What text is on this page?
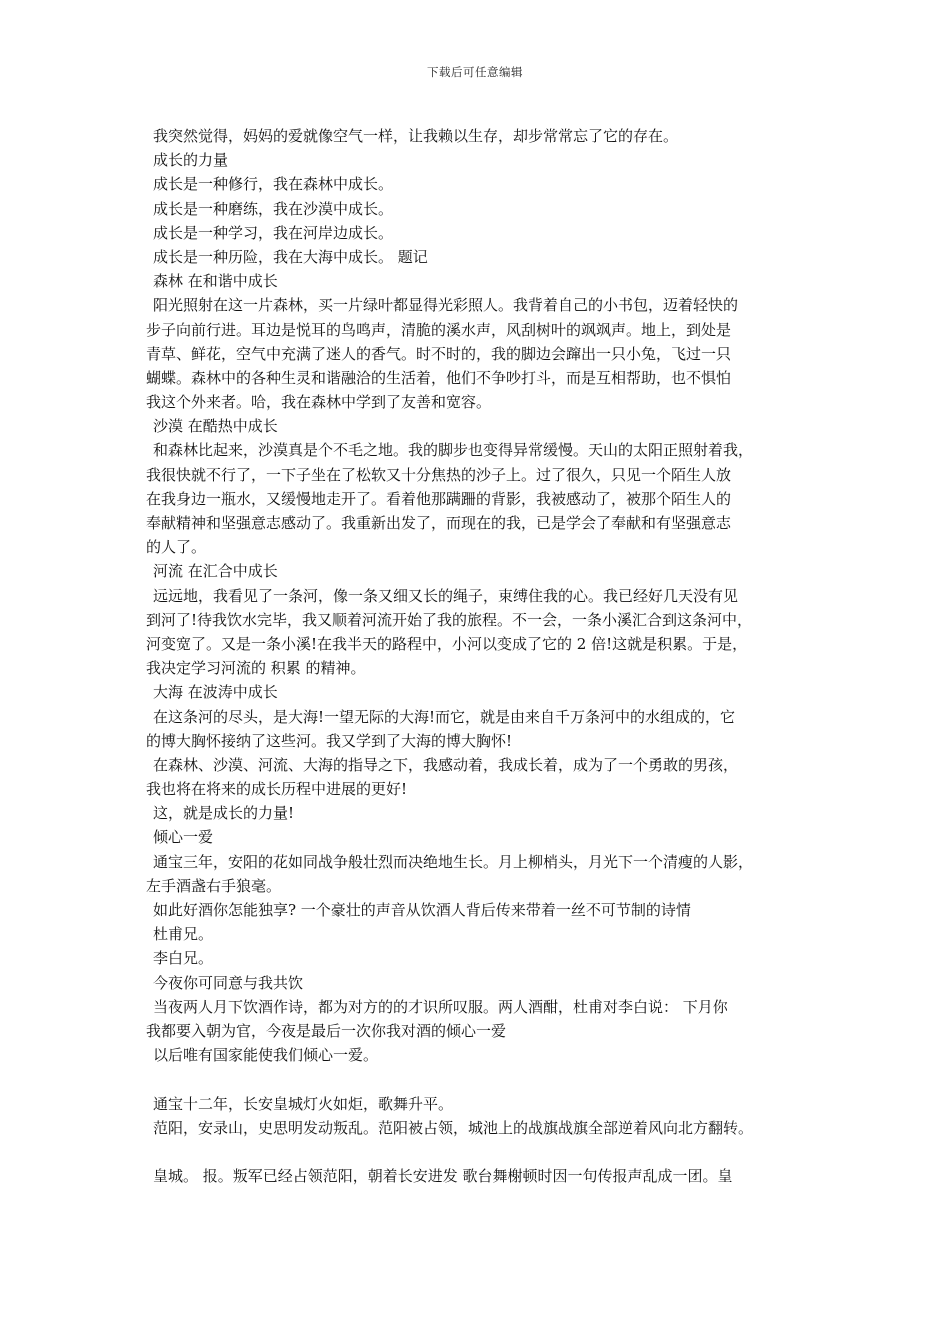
下载后可任意编辑
我突然觉得，妈妈的爱就像空气一样，让我赖以生存，却步常常忘了它的存在。
成长的力量
成长是一种修行，我在森林中成长。
成长是一种磨练，我在沙漠中成长。
成长是一种学习，我在河岸边成长。
成长是一种历险，我在大海中成长。 题记
森林 在和谐中成长
阳光照射在这一片森林，买一片绿叶都显得光彩照人。我背着自己的小书包，迈着轻快的
步子向前行进。耳边是悦耳的鸟鸣声，清脆的溪水声，风刮树叶的飒飒声。地上，到处是
青草、鲜花，空气中充满了迷人的香气。时不时的，我的脚边会蹿出一只小兔，飞过一只
蝴蝶。森林中的各种生灵和谐融洽的生活着，他们不争吵打斗，而是互相帮助，也不惧怕
我这个外来者。哈，我在森林中学到了友善和宽容。
沙漠 在酷热中成长
和森林比起来，沙漠真是个不毛之地。我的脚步也变得异常缓慢。天山的太阳正照射着我，
我很快就不行了，一下子坐在了松软又十分焦热的沙子上。过了很久，只见一个陌生人放
在我身边一瓶水，又缓慢地走开了。看着他那蹒跚的背影，我被感动了，被那个陌生人的
奉献精神和坚强意志感动了。我重新出发了，而现在的我，已是学会了奉献和有坚强意志
的人了。
河流 在汇合中成长
远远地，我看见了一条河，像一条又细又长的绳子，束缚住我的心。我已经好几天没有见
到河了!待我饮水完毕，我又顺着河流开始了我的旅程。不一会，一条小溪汇合到这条河中，
河变宽了。又是一条小溪!在我半天的路程中，小河以变成了它的 2 倍!这就是积累。于是，
我决定学习河流的 积累 的精神。
大海 在波涛中成长
在这条河的尽头，是大海!一望无际的大海!而它，就是由来自千万条河中的水组成的，它
的博大胸怀接纳了这些河。我又学到了大海的博大胸怀!
在森林、沙漠、河流、大海的指导之下，我感动着，我成长着，成为了一个勇敢的男孩，
我也将在将来的成长历程中进展的更好!
这，就是成长的力量!
倾心一爱
通宝三年，安阳的花如同战争般壮烈而决绝地生长。月上柳梢头，月光下一个清瘦的人影，
左手酒盏右手狼毫。
如此好酒你怎能独享? 一个豪壮的声音从饮酒人背后传来带着一丝不可节制的诗情
杜甫兄。
李白兄。
今夜你可同意与我共饮
当夜两人月下饮酒作诗，都为对方的的才识所叹服。两人酒酣，杜甫对李白说： 下月你
我都要入朝为官，今夜是最后一次你我对酒的倾心一爱
以后唯有国家能使我们倾心一爱。
通宝十二年，长安皇城灯火如炬，歌舞升平。
范阳，安录山，史思明发动叛乱。范阳被占领，城池上的战旗战旗全部逆着风向北方翻转。
皇城。 报。叛军已经占领范阳，朝着长安进发 歌台舞榭顿时因一句传报声乱成一团。皇
